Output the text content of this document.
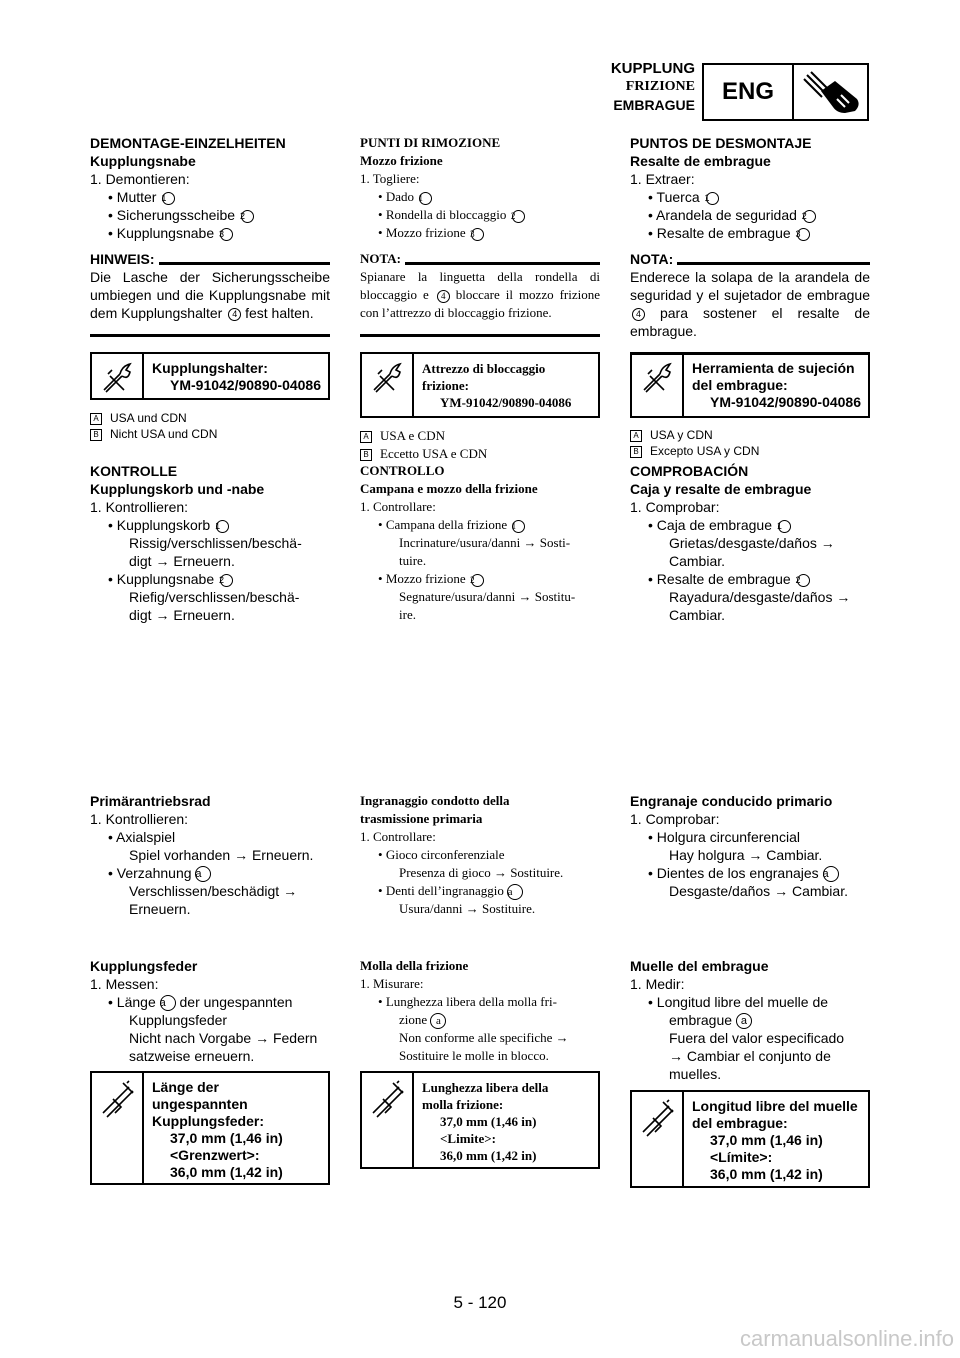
KUPPLUNG
FRIZIONE
EMBRAGUE	ENG

DEMONTAGE-EINZELHEITEN

Kupplungsnabe

1. Demontieren:

• Mutter 1

• Sicherungsscheibe 2

• Kupplungsnabe 3

HINWEIS:

Die Lasche der Sicherungsscheibe umbiegen und die Kupplungsnabe mit dem Kupplungshalter 4 fest halten.

Kupplungshalter:
YM-91042/90890-04086

A USA und CDN

B Nicht USA und CDN

KONTROLLE

Kupplungskorb und -nabe

1. Kontrollieren:

• Kupplungskorb 1

Rissig/verschlissen/beschä-

digt → Erneuern.

• Kupplungsnabe 2

Riefig/verschlissen/beschä-

digt → Erneuern.

Primärantriebsrad

1. Kontrollieren:

• Axialspiel

Spiel vorhanden → Erneuern.

• Verzahnung a

Verschlissen/beschädigt →

Erneuern.

Kupplungsfeder

1. Messen:

• Länge a der ungespannten

Kupplungsfeder

Nicht nach Vorgabe → Federn

satzweise erneuern.

Länge der
ungespannten
Kupplungsfeder:
37,0 mm (1,46 in)
<Grenzwert>:
36,0 mm (1,42 in)

PUNTI DI RIMOZIONE

Mozzo frizione

1. Togliere:

• Dado 1

• Rondella di bloccaggio 2

• Mozzo frizione 3

NOTA:

Spianare la linguetta della rondella di bloccaggio e 4 bloccare il mozzo frizione con l’attrezzo di bloccaggio frizione.

Attrezzo di bloccaggio
frizione:
YM-91042/90890-04086

A USA e CDN

B Eccetto USA e CDN

CONTROLLO

Campana e mozzo della frizione

1. Controllare:

• Campana della frizione 1

Incrinature/usura/danni → Sosti-

tuire.

• Mozzo frizione 2

Segnature/usura/danni → Sostitu-

ire.

Ingranaggio condotto della

trasmissione primaria

1. Controllare:

• Gioco circonferenziale

Presenza di gioco → Sostituire.

• Denti dell’ingranaggio a

Usura/danni → Sostituire.

Molla della frizione

1. Misurare:

• Lunghezza libera della molla fri-

zione a

Non conforme alle specifiche →

Sostituire le molle in blocco.

Lunghezza libera della
molla frizione:
37,0 mm (1,46 in)
<Limite>:
36,0 mm (1,42 in)

PUNTOS DE DESMONTAJE

Resalte de embrague

1. Extraer:

• Tuerca 1

• Arandela de seguridad 2

• Resalte de embrague 3

NOTA:

Enderece la solapa de la arandela de seguridad y el sujetador de embrague 4 para sostener el resalte de embrague.

Herramienta de sujeción
del embrague:
YM-91042/90890-04086

A USA y CDN

B Excepto USA y CDN

COMPROBACIÓN

Caja y resalte de embrague

1. Comprobar:

• Caja de embrague 1

Grietas/desgaste/daños →

Cambiar.

• Resalte de embrague 2

Rayadura/desgaste/daños →

Cambiar.

Engranaje conducido primario

1. Comprobar:

• Holgura circunferencial

Hay holgura → Cambiar.

• Dientes de los engranajes a

Desgaste/daños → Cambiar.

Muelle del embrague

1. Medir:

• Longitud libre del muelle de

embrague a

Fuera del valor especificado

→ Cambiar el conjunto de

muelles.

Longitud libre del muelle
del embrague:
37,0 mm (1,46 in)
<Límite>:
36,0 mm (1,42 in)
5 - 120
carmanualsonline.info
